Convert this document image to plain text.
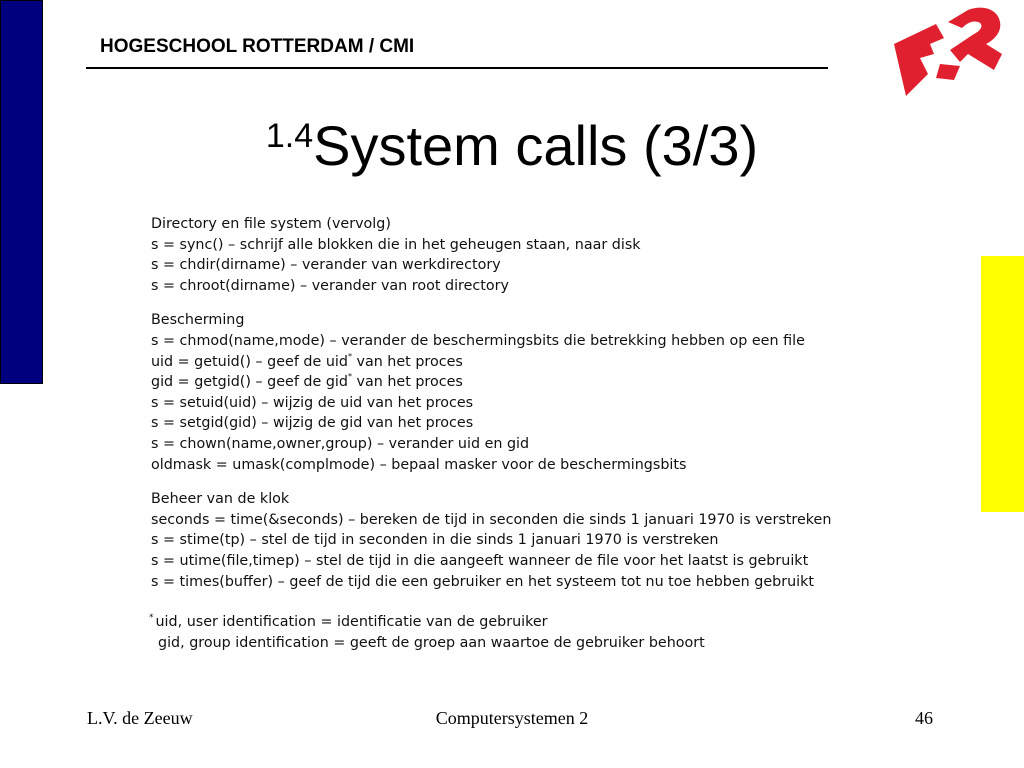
HOGESCHOOL ROTTERDAM / CMI
$^{1.4}$System calls (3/3)
Directory en file system (vervolg)
s = sync() – schrijf alle blokken die in het geheugen staan, naar disk
s = chdir(dirname) – verander van werkdirectory
s = chroot(dirname) – verander van root directory
Bescherming
s = chmod(name,mode) – verander de beschermingsbits die betrekking hebben op een file
uid = getuid() – geef de uid* van het proces
gid = getgid() – geef de gid* van het proces
s = setuid(uid) – wijzig de uid van het proces
s = setgid(gid) – wijzig de gid van het proces
s = chown(name,owner,group) – verander uid en gid
oldmask = umask(complmode) – bepaal masker voor de beschermingsbits
Beheer van de klok
seconds = time(&seconds) – bereken de tijd in seconden die sinds 1 januari 1970 is verstreken
s = stime(tp) – stel de tijd in seconden in die sinds 1 januari 1970 is verstreken
s = utime(file,timep) – stel de tijd in die aangeeft wanneer de file voor het laatst is gebruikt
s = times(buffer) – geef de tijd die een gebruiker en het systeem tot nu toe hebben gebruikt
* uid, user identification = identificatie van de gebruiker
gid, group identification = geeft de groep aan waartoe de gebruiker behoort
L.V. de Zeeuw	Computersystemen 2	46
